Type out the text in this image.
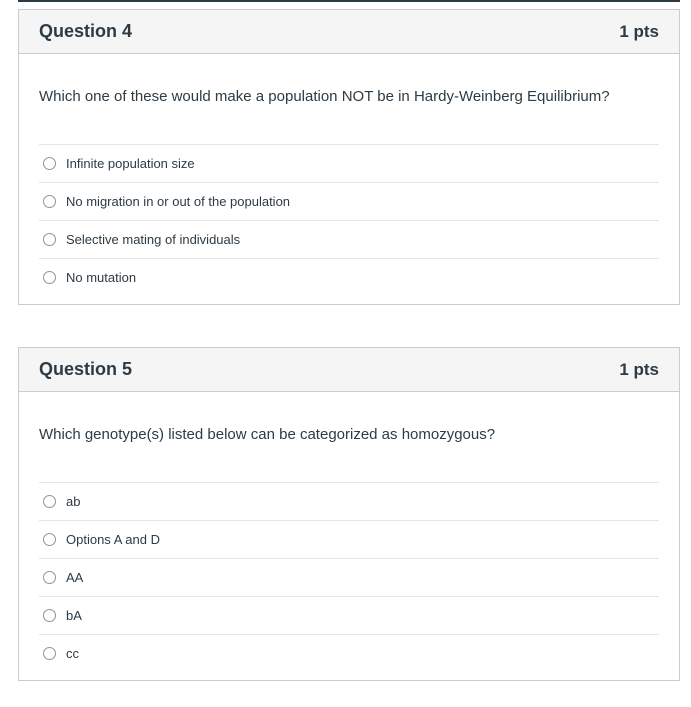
Question 4	1 pts
Which one of these would make a population NOT be in Hardy-Weinberg Equilibrium?
Infinite population size
No migration in or out of the population
Selective mating of individuals
No mutation
Question 5	1 pts
Which genotype(s) listed below can be categorized as homozygous?
ab
Options A and D
AA
bA
cc
